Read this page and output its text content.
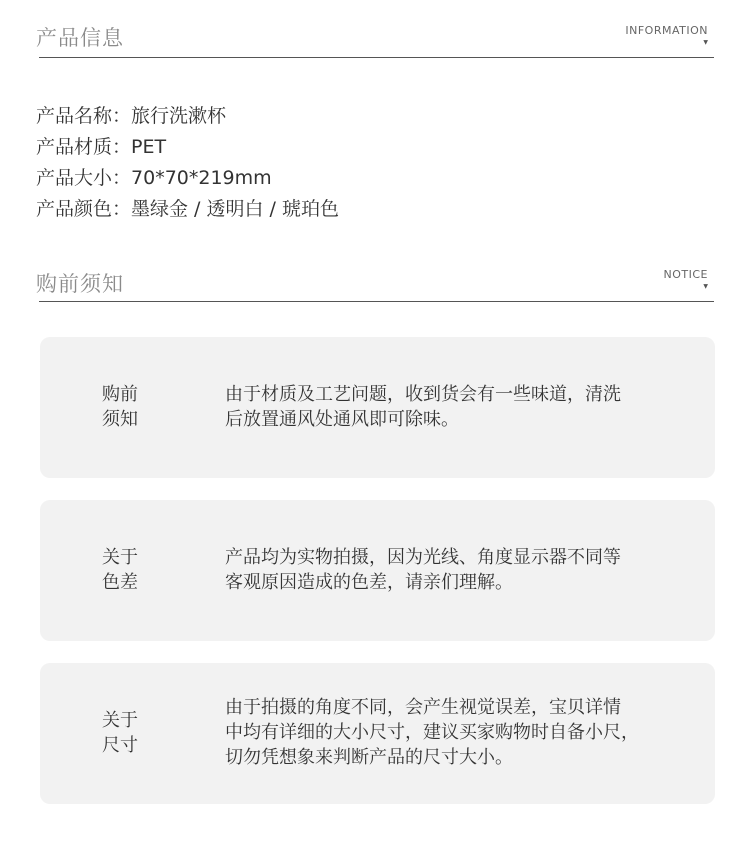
产品信息	INFORMATION
▼
产品名称：旅行洗漱杯
产品材质：PET
产品大小：70*70*219mm
产品颜色：墨绿金 / 透明白 / 琥珀色
购前须知	NOTICE
▼
购前
须知
由于材质及工艺问题，收到货会有一些味道，清洗
后放置通风处通风即可除味。
关于
色差
产品均为实物拍摄，因为光线、角度显示器不同等
客观原因造成的色差，请亲们理解。
关于
尺寸
由于拍摄的角度不同，会产生视觉误差，宝贝详情
中均有详细的大小尺寸，建议买家购物时自备小尺，
切勿凭想象来判断产品的尺寸大小。
